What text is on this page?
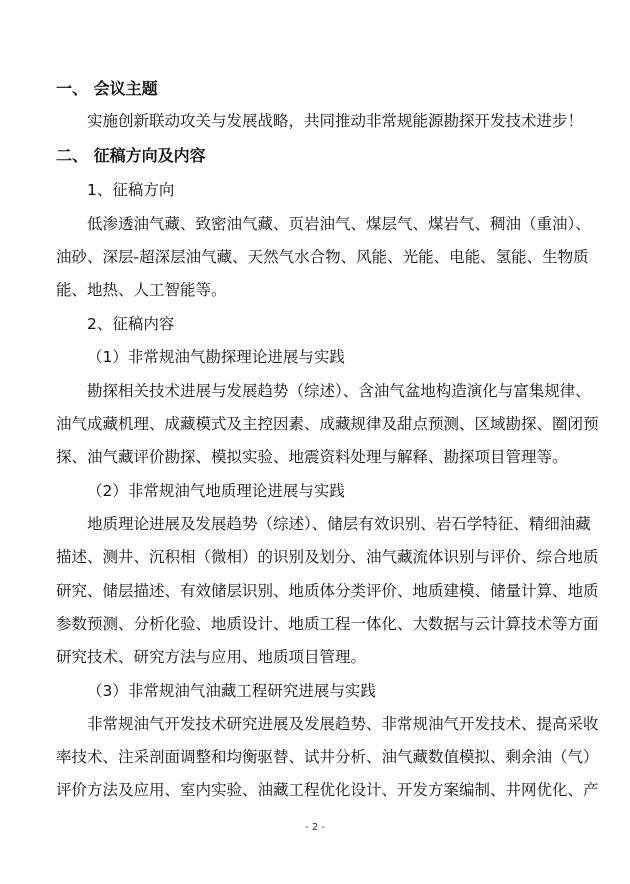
一、 会议主题
实施创新联动攻关与发展战略，共同推动非常规能源勘探开发技术进步！
二、 征稿方向及内容
1、征稿方向
低渗透油气藏、致密油气藏、页岩油气、煤层气、煤岩气、稠油（重油）、
油砂、深层-超深层油气藏、天然气水合物、风能、光能、电能、氢能、生物质
能、地热、人工智能等。
2、征稿内容
（1）非常规油气勘探理论进展与实践
勘探相关技术进展与发展趋势（综述）、含油气盆地构造演化与富集规律、
油气成藏机理、成藏模式及主控因素、成藏规律及甜点预测、区域勘探、圈闭预
探、油气藏评价勘探、模拟实验、地震资料处理与解释、勘探项目管理等。
（2）非常规油气地质理论进展与实践
地质理论进展及发展趋势（综述）、储层有效识别、岩石学特征、精细油藏
描述、测井、沉积相（微相）的识别及划分、油气藏流体识别与评价、综合地质
研究、储层描述、有效储层识别、地质体分类评价、地质建模、储量计算、地质
参数预测、分析化验、地质设计、地质工程一体化、大数据与云计算技术等方面
研究技术、研究方法与应用、地质项目管理。
（3）非常规油气油藏工程研究进展与实践
非常规油气开发技术研究进展及发展趋势、非常规油气开发技术、提高采收
率技术、注采剖面调整和均衡驱替、试井分析、油气藏数值模拟、剩余油（气）
评价方法及应用、室内实验、油藏工程优化设计、开发方案编制、井网优化、产
- 2 -
